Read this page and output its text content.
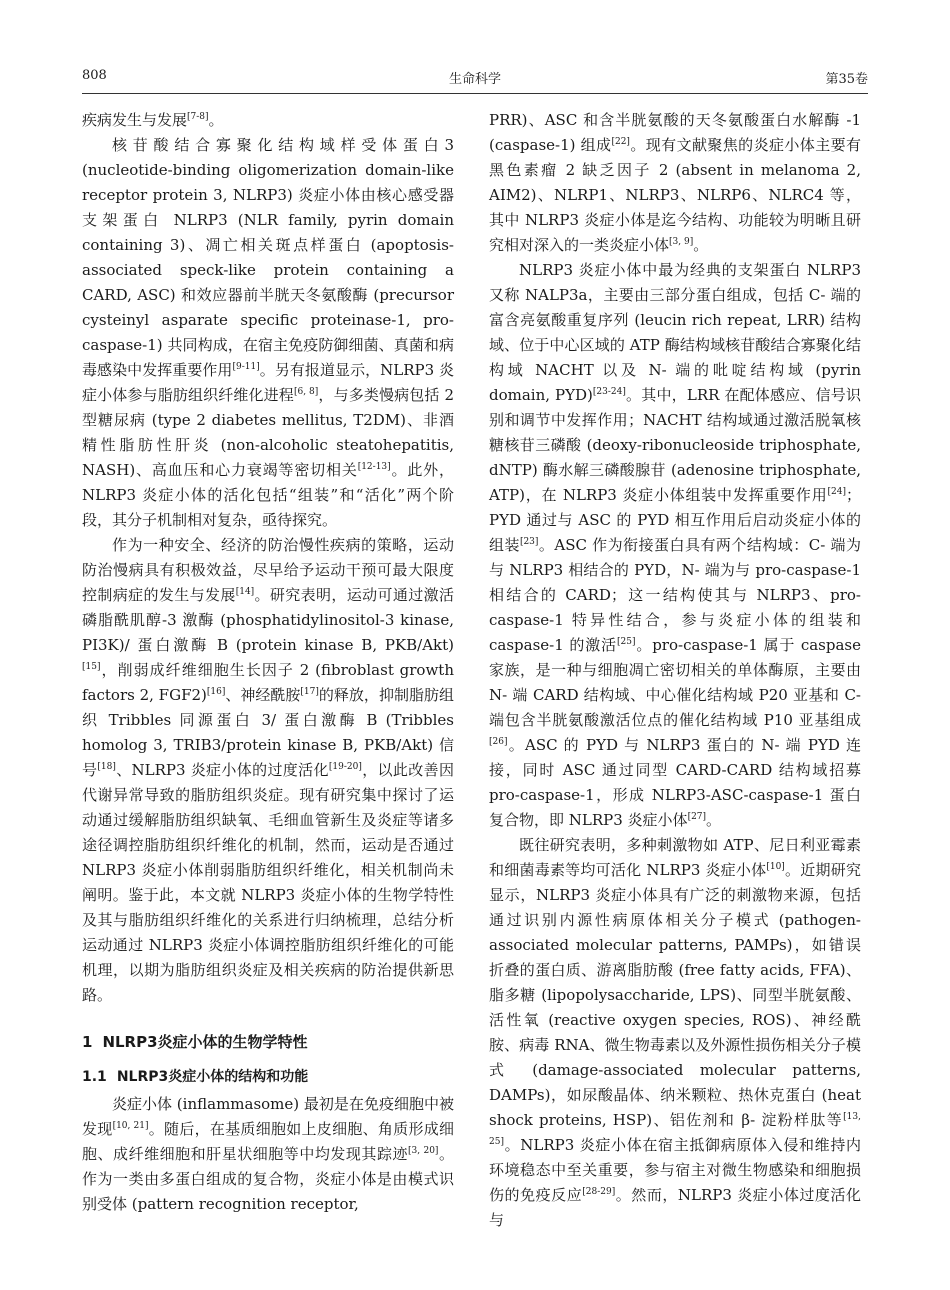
808	生命科学	第35卷

疾病发生与发展[7-8]。

核苷酸结合寡聚化结构域样受体蛋白3 (nucleotide-binding oligomerization domain-like receptor protein 3, NLRP3) 炎症小体由核心感受器支架蛋白 NLRP3 (NLR family, pyrin domain containing 3)、凋亡相关斑点样蛋白 (apoptosis-associated speck-like protein containing a CARD, ASC) 和效应器前半胱天冬氨酸酶 (precursor cysteinyl asparate specific proteinase-1, pro-caspase-1) 共同构成，在宿主免疫防御细菌、真菌和病毒感染中发挥重要作用[9-11]。另有报道显示，NLRP3 炎症小体参与脂肪组织纤维化进程[6, 8]，与多类慢病包括 2 型糖尿病 (type 2 diabetes mellitus, T2DM)、非酒精性脂肪性肝炎 (non-alcoholic steatohepatitis, NASH)、高血压和心力衰竭等密切相关[12-13]。此外，NLRP3 炎症小体的活化包括“组装”和“活化”两个阶段，其分子机制相对复杂，亟待探究。

作为一种安全、经济的防治慢性疾病的策略，运动防治慢病具有积极效益，尽早给予运动干预可最大限度控制病症的发生与发展[14]。研究表明，运动可通过激活磷脂酰肌醇-3 激酶 (phosphatidylinositol-3 kinase, PI3K)/ 蛋白激酶 B (protein kinase B, PKB/Akt)[15]，削弱成纤维细胞生长因子 2 (fibroblast growth factors 2, FGF2)[16]、神经酰胺[17]的释放，抑制脂肪组织 Tribbles 同源蛋白 3/ 蛋白激酶 B (Tribbles homolog 3, TRIB3/protein kinase B, PKB/Akt) 信号[18]、NLRP3 炎症小体的过度活化[19-20]，以此改善因代谢异常导致的脂肪组织炎症。现有研究集中探讨了运动通过缓解脂肪组织缺氧、毛细血管新生及炎症等诸多途径调控脂肪组织纤维化的机制，然而，运动是否通过 NLRP3 炎症小体削弱脂肪组织纤维化，相关机制尚未阐明。鉴于此，本文就 NLRP3 炎症小体的生物学特性及其与脂肪组织纤维化的关系进行归纳梳理，总结分析运动通过 NLRP3 炎症小体调控脂肪组织纤维化的可能机理，以期为脂肪组织炎症及相关疾病的防治提供新思路。

1 NLRP3炎症小体的生物学特性
1.1 NLRP3炎症小体的结构和功能

炎症小体 (inflammasome) 最初是在免疫细胞中被发现[10, 21]。随后，在基质细胞如上皮细胞、角质形成细胞、成纤维细胞和肝星状细胞等中均发现其踪迹[3, 20]。作为一类由多蛋白组成的复合物，炎症小体是由模式识别受体 (pattern recognition receptor,

PRR)、ASC 和含半胱氨酸的天冬氨酸蛋白水解酶 -1 (caspase-1) 组成[22]。现有文献聚焦的炎症小体主要有黑色素瘤 2 缺乏因子 2 (absent in melanoma 2, AIM2)、NLRP1、NLRP3、NLRP6、NLRC4 等，其中 NLRP3 炎症小体是迄今结构、功能较为明晰且研究相对深入的一类炎症小体[3, 9]。

NLRP3 炎症小体中最为经典的支架蛋白 NLRP3 又称 NALP3a，主要由三部分蛋白组成，包括 C- 端的富含亮氨酸重复序列 (leucin rich repeat, LRR) 结构域、位于中心区域的 ATP 酶结构域核苷酸结合寡聚化结构域 NACHT 以及 N- 端的吡啶结构域 (pyrin domain, PYD)[23-24]。其中，LRR 在配体感应、信号识别和调节中发挥作用；NACHT 结构域通过激活脱氧核糖核苷三磷酸 (deoxy-ribonucleoside triphosphate, dNTP) 酶水解三磷酸腺苷 (adenosine triphosphate, ATP)，在 NLRP3 炎症小体组装中发挥重要作用[24]；PYD 通过与 ASC 的 PYD 相互作用后启动炎症小体的组装[23]。ASC 作为衔接蛋白具有两个结构域：C- 端为与 NLRP3 相结合的 PYD，N- 端为与 pro-caspase-1 相结合的 CARD；这一结构使其与 NLRP3、pro-caspase-1 特异性结合，参与炎症小体的组装和 caspase-1 的激活[25]。pro-caspase-1 属于 caspase 家族，是一种与细胞凋亡密切相关的单体酶原，主要由 N- 端 CARD 结构域、中心催化结构域 P20 亚基和 C- 端包含半胱氨酸激活位点的催化结构域 P10 亚基组成[26]。ASC 的 PYD 与 NLRP3 蛋白的 N- 端 PYD 连接，同时 ASC 通过同型 CARD-CARD 结构域招募 pro-caspase-1，形成 NLRP3-ASC-caspase-1 蛋白复合物，即 NLRP3 炎症小体[27]。

既往研究表明，多种刺激物如 ATP、尼日利亚霉素和细菌毒素等均可活化 NLRP3 炎症小体[10]。近期研究显示，NLRP3 炎症小体具有广泛的刺激物来源，包括通过识别内源性病原体相关分子模式 (pathogen-associated molecular patterns, PAMPs)，如错误折叠的蛋白质、游离脂肪酸 (free fatty acids, FFA)、脂多糖 (lipopolysaccharide, LPS)、同型半胱氨酸、活性氧 (reactive oxygen species, ROS)、神经酰胺、病毒 RNA、微生物毒素以及外源性损伤相关分子模式 (damage-associated molecular patterns, DAMPs)，如尿酸晶体、纳米颗粒、热休克蛋白 (heat shock proteins, HSP)、铝佐剂和 β- 淀粉样肽等[13, 25]。NLRP3 炎症小体在宿主抵御病原体入侵和维持内环境稳态中至关重要，参与宿主对微生物感染和细胞损伤的免疫反应[28-29]。然而，NLRP3 炎症小体过度活化与
